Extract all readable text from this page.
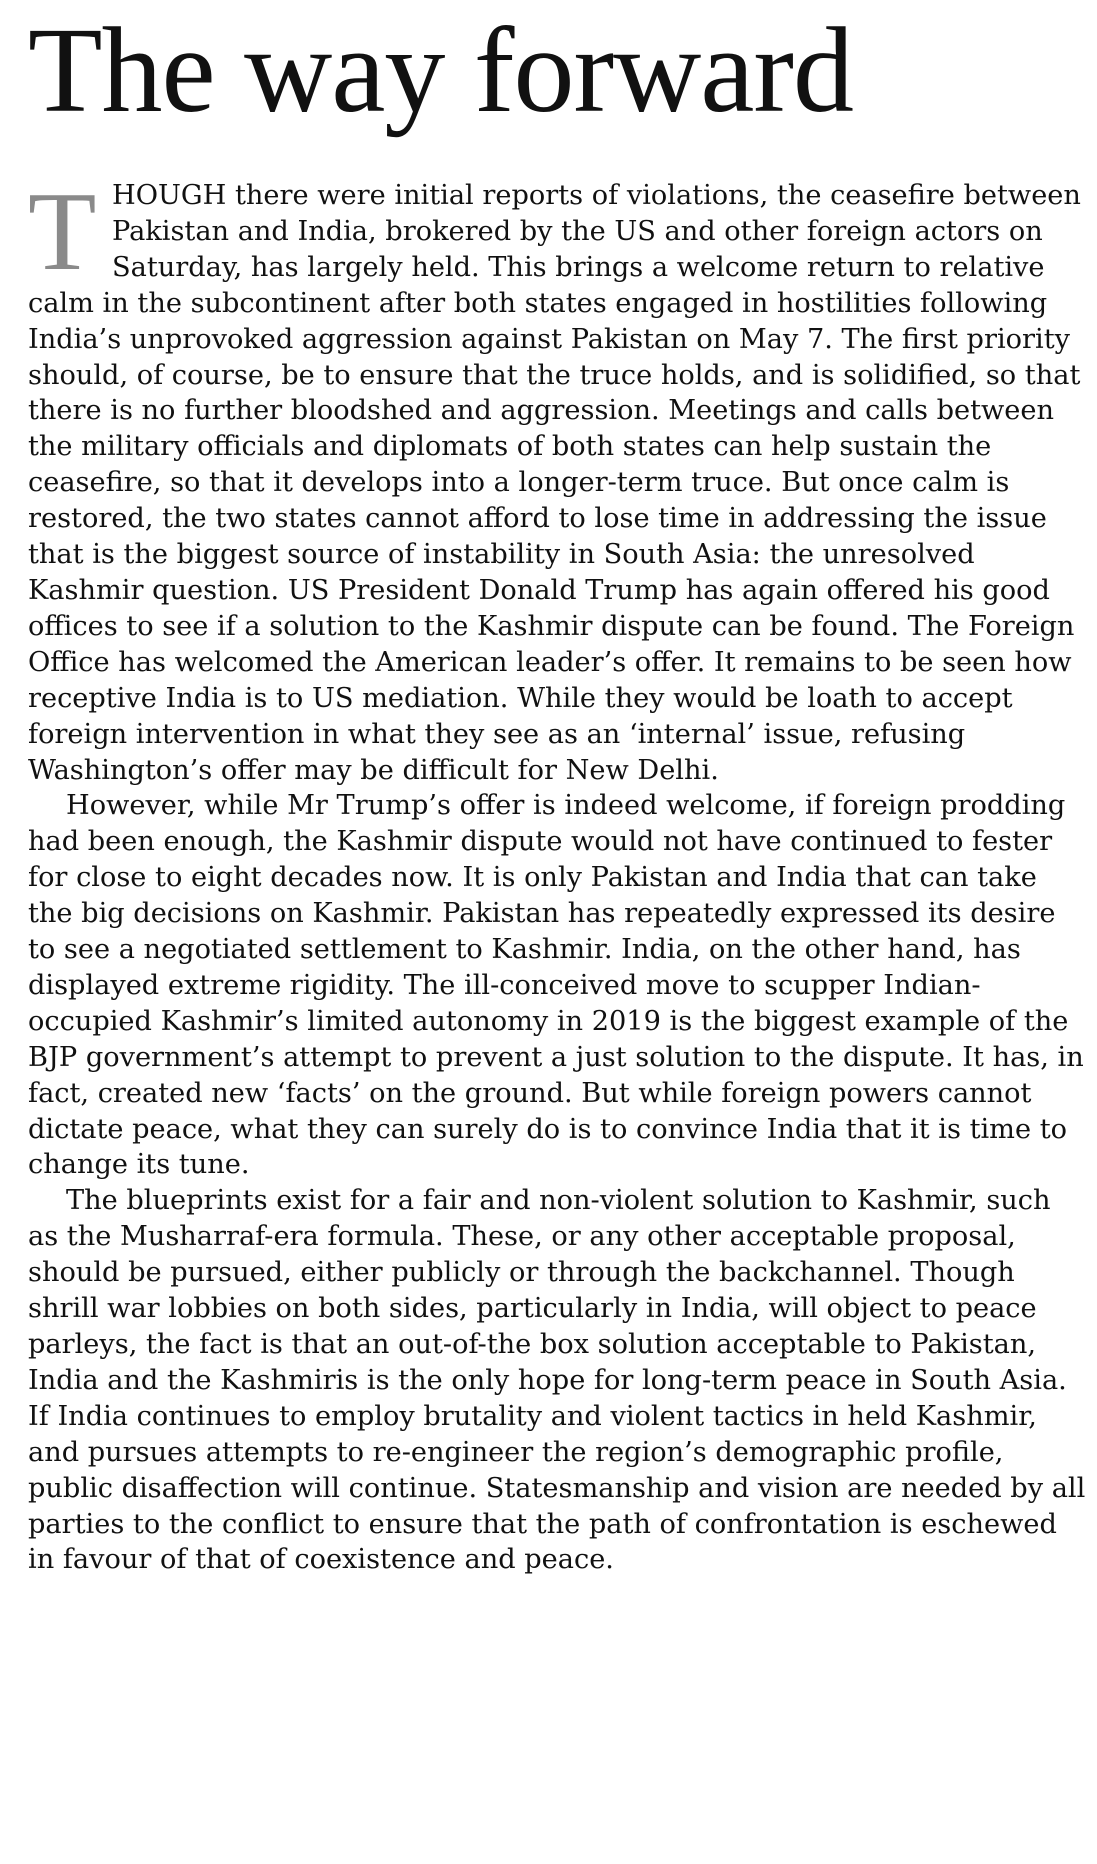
The way forward

THOUGH there were initial reports of violations, the ceasefire between Pakistan and India, brokered by the US and other foreign actors on Saturday, has largely held. This brings a welcome return to relative calm in the subcontinent after both states engaged in hostilities following India’s unprovoked aggression against Pakistan on May 7. The first priority should, of course, be to ensure that the truce holds, and is solidified, so that there is no further bloodshed and aggression. Meetings and calls between the military officials and diplomats of both states can help sustain the ceasefire, so that it develops into a longer-term truce. But once calm is restored, the two states cannot afford to lose time in addressing the issue that is the biggest source of instability in South Asia: the unresolved Kashmir question. US President Donald Trump has again offered his good offices to see if a solution to the Kashmir dispute can be found. The Foreign Office has welcomed the American leader’s offer. It remains to be seen how receptive India is to US mediation. While they would be loath to accept foreign intervention in what they see as an ‘internal’ issue, refusing Washington’s offer may be difficult for New Delhi.

However, while Mr Trump’s offer is indeed welcome, if foreign prodding had been enough, the Kashmir dispute would not have continued to fester for close to eight decades now. It is only Pakistan and India that can take the big decisions on Kashmir. Pakistan has repeatedly expressed its desire to see a negotiated settlement to Kashmir. India, on the other hand, has displayed extreme rigidity. The ill-conceived move to scupper Indian-occupied Kashmir’s limited autonomy in 2019 is the biggest example of the BJP government’s attempt to prevent a just solution to the dispute. It has, in fact, created new ‘facts’ on the ground. But while foreign powers cannot dictate peace, what they can surely do is to convince India that it is time to change its tune.

The blueprints exist for a fair and non-violent solution to Kashmir, such as the Musharraf-era formula. These, or any other acceptable proposal, should be pursued, either publicly or through the backchannel. Though shrill war lobbies on both sides, particularly in India, will object to peace parleys, the fact is that an out-of-the box solution acceptable to Pakistan, India and the Kashmiris is the only hope for long-term peace in South Asia. If India continues to employ brutality and violent tactics in held Kashmir, and pursues attempts to re-engineer the region’s demographic profile, public disaffection will continue. Statesmanship and vision are needed by all parties to the conflict to ensure that the path of confrontation is eschewed in favour of that of coexistence and peace.
